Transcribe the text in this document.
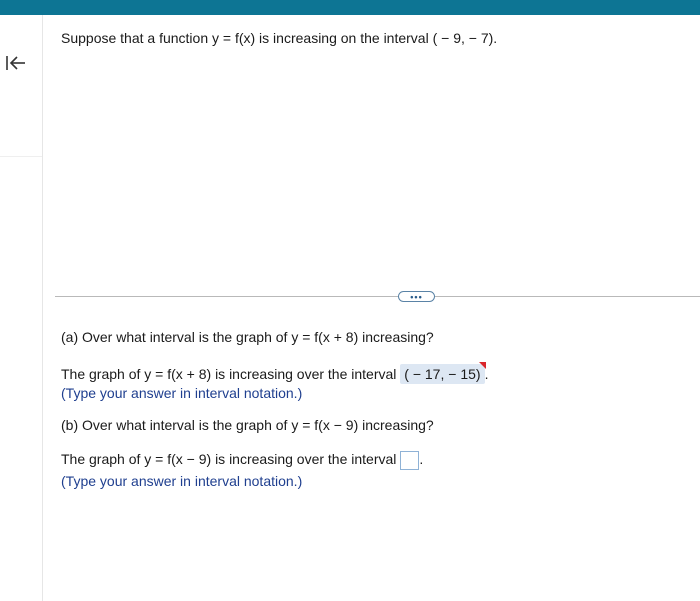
Suppose that a function y = f(x) is increasing on the interval ( − 9, − 7).
(a) Over what interval is the graph of y = f(x + 8) increasing?
The graph of y = f(x + 8) is increasing over the interval ( − 17, − 15) .
(Type your answer in interval notation.)
(b) Over what interval is the graph of y = f(x − 9) increasing?
The graph of y = f(x − 9) is increasing over the interval .
(Type your answer in interval notation.)
•••
